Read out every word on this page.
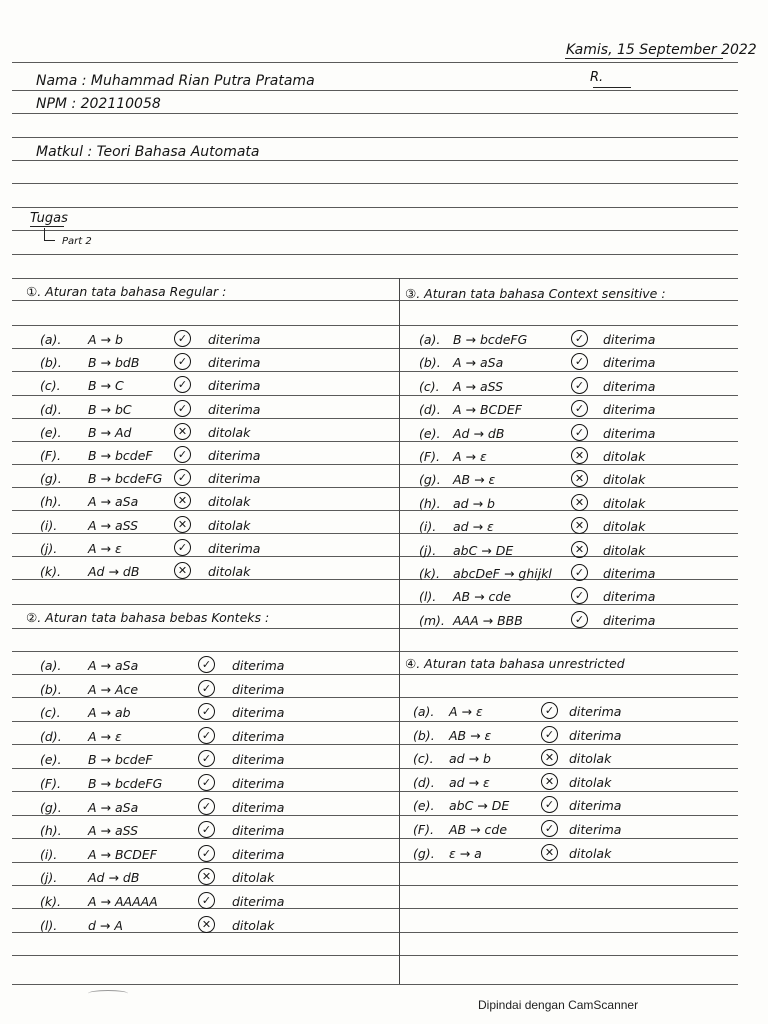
Kamis, 15 September 2022
R.
Nama : Muhammad Rian Putra Pratama
NPM : 202110058
Matkul : Teori Bahasa Automata
Tugas
Part 2
①. Aturan tata bahasa Regular :
(a). A → b	✓	diterima
(b). B → bdB	✓	diterima
(c). B → C	✓	diterima
(d). B → bC	✓	diterima
(e). B → Ad	✕	ditolak
(F). B → bcdeF	✓	diterima
(g). B → bcdeFG	✓	diterima
(h). A → aSa	✕	ditolak
(i). A → aSS	✕	ditolak
(j). A → ε	✓	diterima
(k). Ad → dB	✕	ditolak
②. Aturan tata bahasa bebas Konteks :
(a). A → aSa	✓	diterima
(b). A → Ace	✓	diterima
(c). A → ab	✓	diterima
(d). A → ε	✓	diterima
(e). B → bcdeF	✓	diterima
(F). B → bcdeFG	✓	diterima
(g). A → aSa	✓	diterima
(h). A → aSS	✓	diterima
(i). A → BCDEF	✓	diterima
(j). Ad → dB	✕	ditolak
(k). A → AAAAA	✓	diterima
(l). d → A	✕	ditolak
③. Aturan tata bahasa Context sensitive :
(a). B → bcdeFG	✓	diterima
(b). A → aSa	✓	diterima
(c). A → aSS	✓	diterima
(d). A → BCDEF	✓	diterima
(e). Ad → dB	✓	diterima
(F). A → ε	✕	ditolak
(g). AB → ε	✕	ditolak
(h). ad → b	✕	ditolak
(i). ad → ε	✕	ditolak
(j). abC → DE	✕	ditolak
(k). abcDeF → ghijkl	✓	diterima
(l). AB → cde	✓	diterima
(m). AAA → BBB	✓	diterima
④. Aturan tata bahasa unrestricted
(a). A → ε	✓	diterima
(b). AB → ε	✓	diterima
(c). ad → b	✕	ditolak
(d). ad → ε	✕	ditolak
(e). abC → DE	✓	diterima
(F). AB → cde	✓	diterima
(g). ε → a	✕	ditolak
Dipindai dengan CamScanner
